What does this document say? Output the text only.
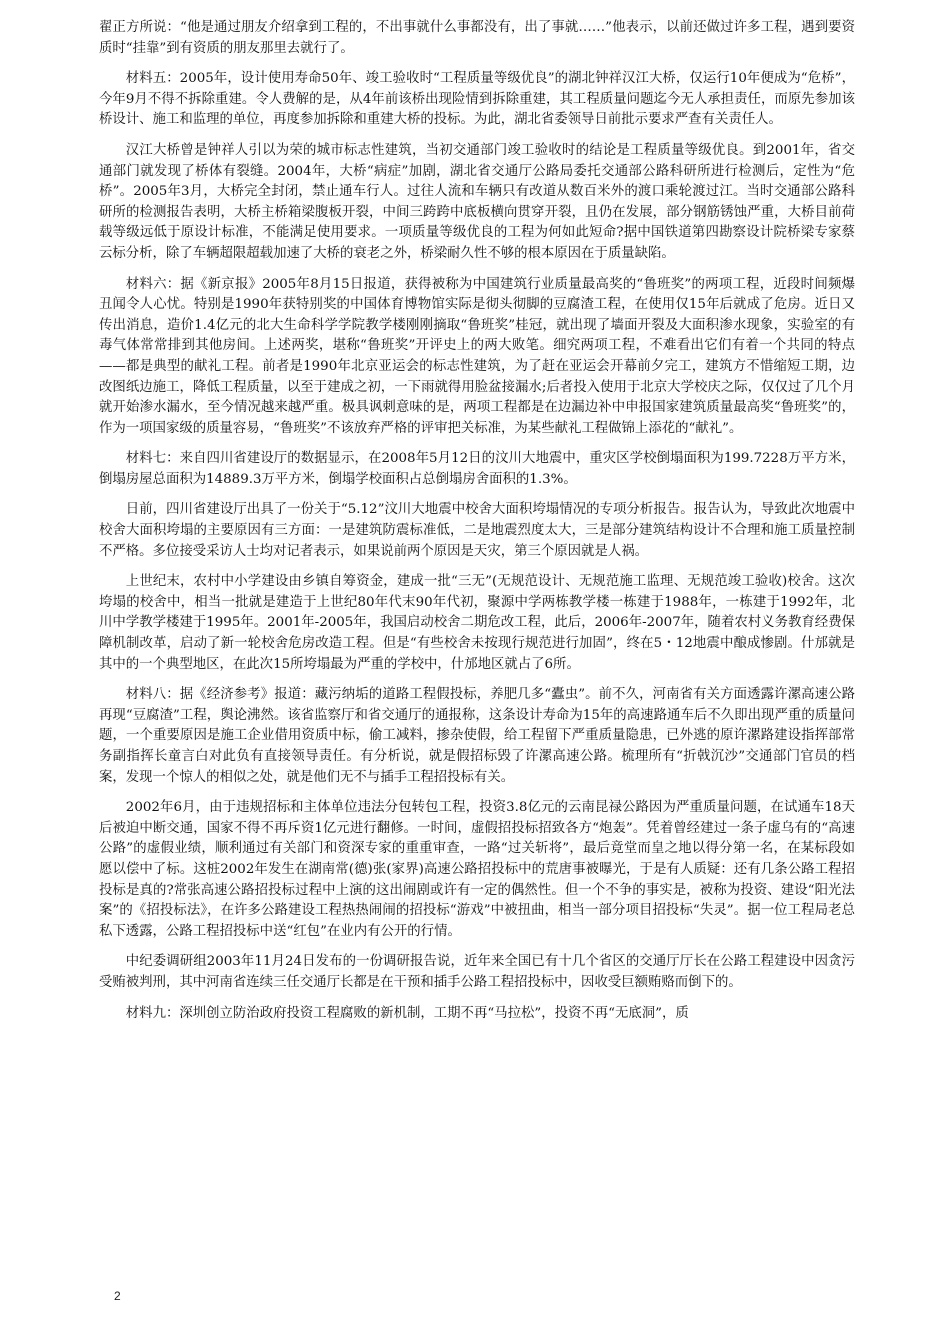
翟正方所说：“他是通过朋友介绍拿到工程的，不出事就什么事都没有，出了事就……”他表示，以前还做过许多工程，遇到要资质时“挂靠”到有资质的朋友那里去就行了。

材料五：2005年，设计使用寿命50年、竣工验收时“工程质量等级优良”的湖北钟祥汉江大桥，仅运行10年便成为“危桥”，今年9月不得不拆除重建。令人费解的是，从4年前该桥出现险情到拆除重建，其工程质量问题迄今无人承担责任，而原先参加该桥设计、施工和监理的单位，再度参加拆除和重建大桥的投标。为此，湖北省委领导日前批示要求严查有关责任人。

汉江大桥曾是钟祥人引以为荣的城市标志性建筑，当初交通部门竣工验收时的结论是工程质量等级优良。到2001年，省交通部门就发现了桥体有裂缝。2004年，大桥“病症”加剧，湖北省交通厅公路局委托交通部公路科研所进行检测后，定性为“危桥”。2005年3月，大桥完全封闭，禁止通车行人。过往人流和车辆只有改道从数百米外的渡口乘轮渡过江。当时交通部公路科研所的检测报告表明，大桥主桥箱梁腹板开裂，中间三跨跨中底板横向贯穿开裂，且仍在发展，部分钢筋锈蚀严重，大桥目前荷载等级远低于原设计标准，不能满足使用要求。一项质量等级优良的工程为何如此短命?据中国铁道第四勘察设计院桥梁专家蔡云标分析，除了车辆超限超载加速了大桥的衰老之外，桥梁耐久性不够的根本原因在于质量缺陷。

材料六：据《新京报》2005年8月15日报道，获得被称为中国建筑行业质量最高奖的“鲁班奖”的两项工程，近段时间频爆丑闻令人心忧。特别是1990年获特别奖的中国体育博物馆实际是彻头彻脚的豆腐渣工程，在使用仅15年后就成了危房。近日又传出消息，造价1.4亿元的北大生命科学学院教学楼刚刚摘取“鲁班奖”桂冠，就出现了墙面开裂及大面积渗水现象，实验室的有毒气体常常排到其他房间。上述两奖，堪称“鲁班奖”开评史上的两大败笔。细究两项工程，不难看出它们有着一个共同的特点——都是典型的献礼工程。前者是1990年北京亚运会的标志性建筑，为了赶在亚运会开幕前夕完工，建筑方不惜缩短工期，边改图纸边施工，降低工程质量，以至于建成之初，一下雨就得用脸盆接漏水;后者投入使用于北京大学校庆之际，仅仅过了几个月就开始渗水漏水，至今情况越来越严重。极具讽刺意味的是，两项工程都是在边漏边补中申报国家建筑质量最高奖“鲁班奖”的，作为一项国家级的质量容易，“鲁班奖”不该放弃严格的评审把关标准，为某些献礼工程做锦上添花的“献礼”。

材料七：来自四川省建设厅的数据显示，在2008年5月12日的汶川大地震中，重灾区学校倒塌面积为199.7228万平方米，倒塌房屋总面积为14889.3万平方米，倒塌学校面积占总倒塌房舍面积的1.3%。

日前，四川省建设厅出具了一份关于“5.12”汶川大地震中校舍大面积垮塌情况的专项分析报告。报告认为，导致此次地震中校舍大面积垮塌的主要原因有三方面：一是建筑防震标准低，二是地震烈度太大，三是部分建筑结构设计不合理和施工质量控制不严格。多位接受采访人士均对记者表示，如果说前两个原因是天灾，第三个原因就是人祸。

上世纪末，农村中小学建设由乡镇自筹资金，建成一批“三无”(无规范设计、无规范施工监理、无规范竣工验收)校舍。这次垮塌的校舍中，相当一批就是建造于上世纪80年代末90年代初，聚源中学两栋教学楼一栋建于1988年，一栋建于1992年，北川中学教学楼建于1995年。2001年-2005年，我国启动校舍二期危改工程，此后，2006年-2007年，随着农村义务教育经费保障机制改革，启动了新一轮校舍危房改造工程。但是“有些校舍未按现行规范进行加固”，终在5・12地震中酿成惨剧。什邡就是其中的一个典型地区，在此次15所垮塌最为严重的学校中，什邡地区就占了6所。

材料八：据《经济参考》报道：藏污纳垢的道路工程假投标，养肥几多“蠹虫”。前不久，河南省有关方面透露许漯高速公路再现“豆腐渣”工程，舆论沸然。该省监察厅和省交通厅的通报称，这条设计寿命为15年的高速路通车后不久即出现严重的质量问题，一个重要原因是施工企业借用资质中标，偷工减料，掺杂使假，给工程留下严重质量隐患，已外逃的原许漯路建设指挥部常务副指挥长童言白对此负有直接领导责任。有分析说，就是假招标毁了许漯高速公路。梳理所有“折戟沉沙”交通部门官员的档案，发现一个惊人的相似之处，就是他们无不与插手工程招投标有关。

2002年6月，由于违规招标和主体单位违法分包转包工程，投资3.8亿元的云南昆禄公路因为严重质量问题，在试通车18天后被迫中断交通，国家不得不再斥资1亿元进行翻修。一时间，虚假招投标招致各方“炮轰”。凭着曾经建过一条子虚乌有的“高速公路”的虚假业绩，顺利通过有关部门和资深专家的重重审查，一路“过关斩将”，最后竟堂而皇之地以得分第一名，在某标段如愿以偿中了标。这桩2002年发生在湖南常(德)张(家界)高速公路招投标中的荒唐事被曝光，于是有人质疑：还有几条公路工程招投标是真的?常张高速公路招投标过程中上演的这出闹剧或许有一定的偶然性。但一个不争的事实是，被称为投资、建设“阳光法案”的《招投标法》，在许多公路建设工程热热闹闹的招投标“游戏”中被扭曲，相当一部分项目招投标“失灵”。据一位工程局老总私下透露，公路工程招投标中送“红包”在业内有公开的行情。

中纪委调研组2003年11月24日发布的一份调研报告说，近年来全国已有十几个省区的交通厅厅长在公路工程建设中因贪污受贿被判刑，其中河南省连续三任交通厅长都是在干预和插手公路工程招投标中，因收受巨额贿赂而倒下的。

材料九：深圳创立防治政府投资工程腐败的新机制，工期不再“马拉松”，投资不再“无底洞”，质

2
